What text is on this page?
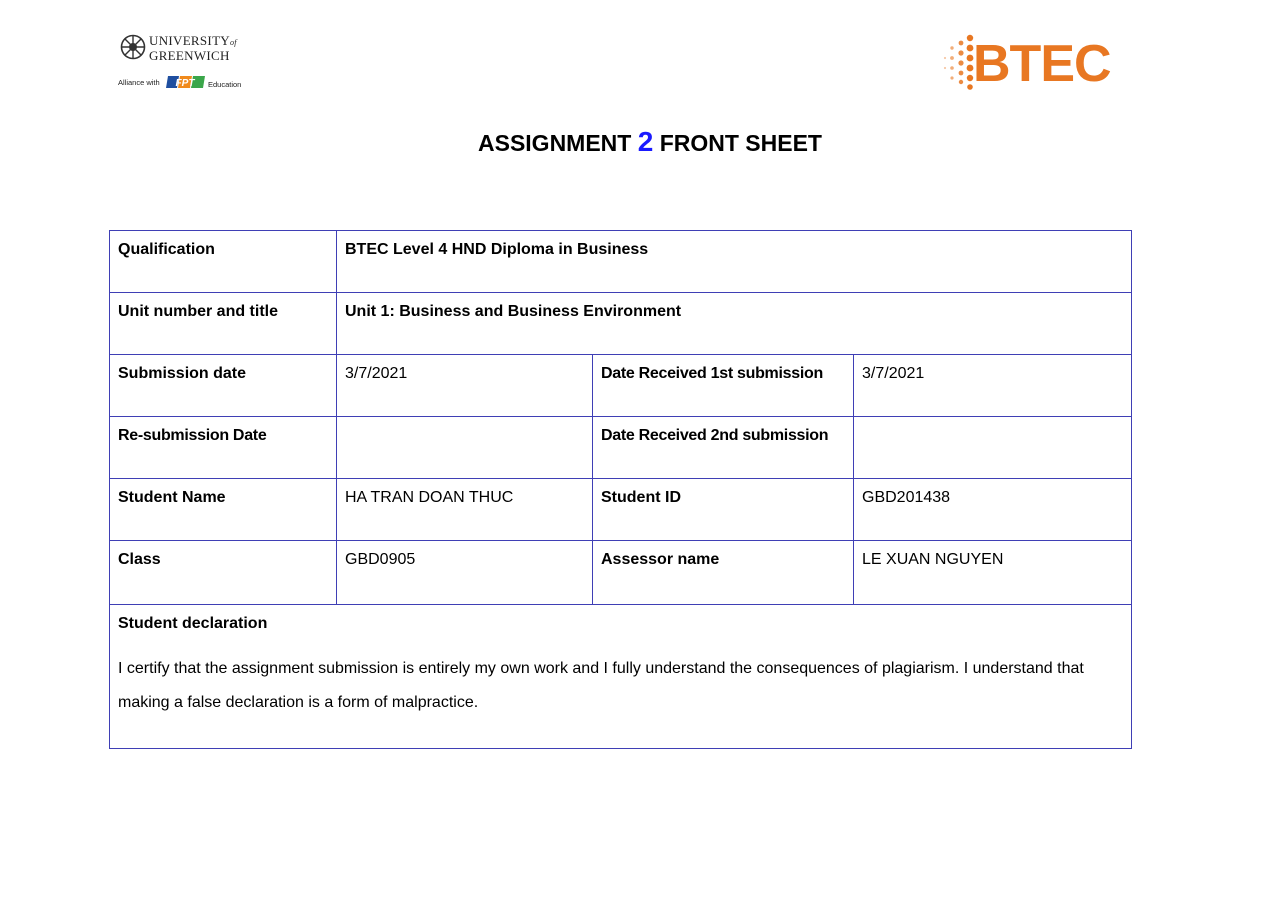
UNIVERSITYof
GREENWICH
Alliance with FPT Education	BTEC
ASSIGNMENT 2 FRONT SHEET
Qualification	BTEC Level 4 HND Diploma in Business		
Unit number and title	Unit 1: Business and Business Environment		
Submission date	3/7/2021	Date Received 1st submission	3/7/2021
Re-submission Date		Date Received 2nd submission	
Student Name	HA TRAN DOAN THUC	Student ID	GBD201438
Class	GBD0905	Assessor name	LE XUAN NGUYEN

Student declaration
I certify that the assignment submission is entirely my own work and I fully understand the consequences of plagiarism. I understand that making a false declaration is a form of malpractice.			
